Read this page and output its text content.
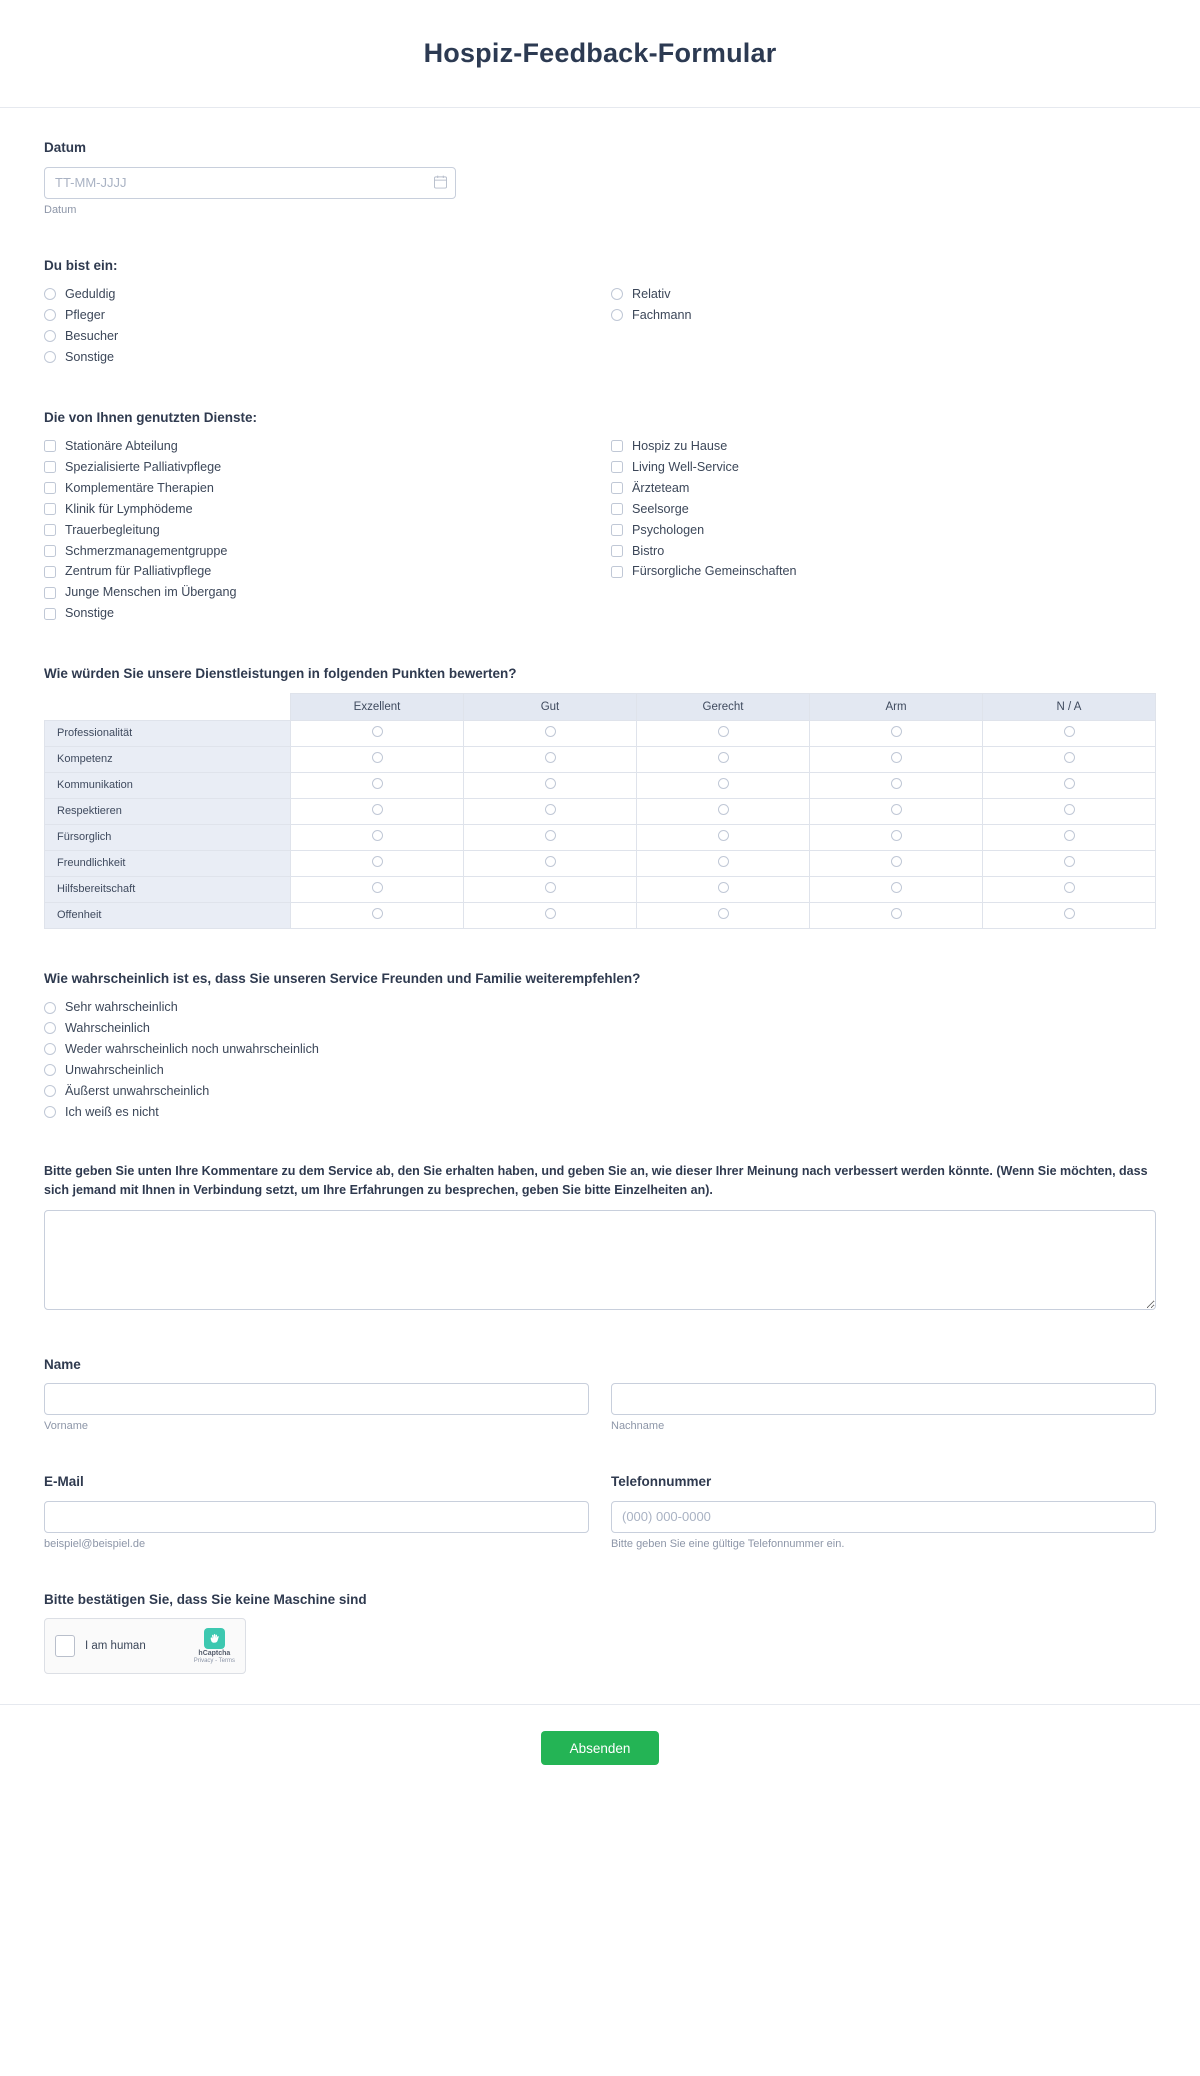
Hospiz-Feedback-Formular
Datum
TT-MM-JJJJ
Datum
Du bist ein:
Geduldig
Pfleger
Besucher
Sonstige
Relativ
Fachmann
Die von Ihnen genutzten Dienste:
Stationäre Abteilung
Spezialisierte Palliativpflege
Komplementäre Therapien
Klinik für Lymphödeme
Trauerbegleitung
Schmerzmanagementgruppe
Zentrum für Palliativpflege
Junge Menschen im Übergang
Sonstige
Hospiz zu Hause
Living Well-Service
Ärzteteam
Seelsorge
Psychologen
Bistro
Fürsorgliche Gemeinschaften
Wie würden Sie unsere Dienstleistungen in folgenden Punkten bewerten?
	Exzellent	Gut	Gerecht	Arm	N / A
Professionalität					
Kompetenz					
Kommunikation					
Respektieren					
Fürsorglich					
Freundlichkeit					
Hilfsbereitschaft					
Offenheit					
Wie wahrscheinlich ist es, dass Sie unseren Service Freunden und Familie weiterempfehlen?
Sehr wahrscheinlich
Wahrscheinlich
Weder wahrscheinlich noch unwahrscheinlich
Unwahrscheinlich
Äußerst unwahrscheinlich
Ich weiß es nicht
Bitte geben Sie unten Ihre Kommentare zu dem Service ab, den Sie erhalten haben, und geben Sie an, wie dieser Ihrer Meinung nach verbessert werden könnte. (Wenn Sie möchten, dass sich jemand mit Ihnen in Verbindung setzt, um Ihre Erfahrungen zu besprechen, geben Sie bitte Einzelheiten an).
Name
Vorname	Nachname
E-Mail
beispiel@beispiel.de
Telefonnummer
(000) 000-0000
Bitte geben Sie eine gültige Telefonnummer ein.
Bitte bestätigen Sie, dass Sie keine Maschine sind
I am human
hCaptcha
Privacy - Terms
Absenden
